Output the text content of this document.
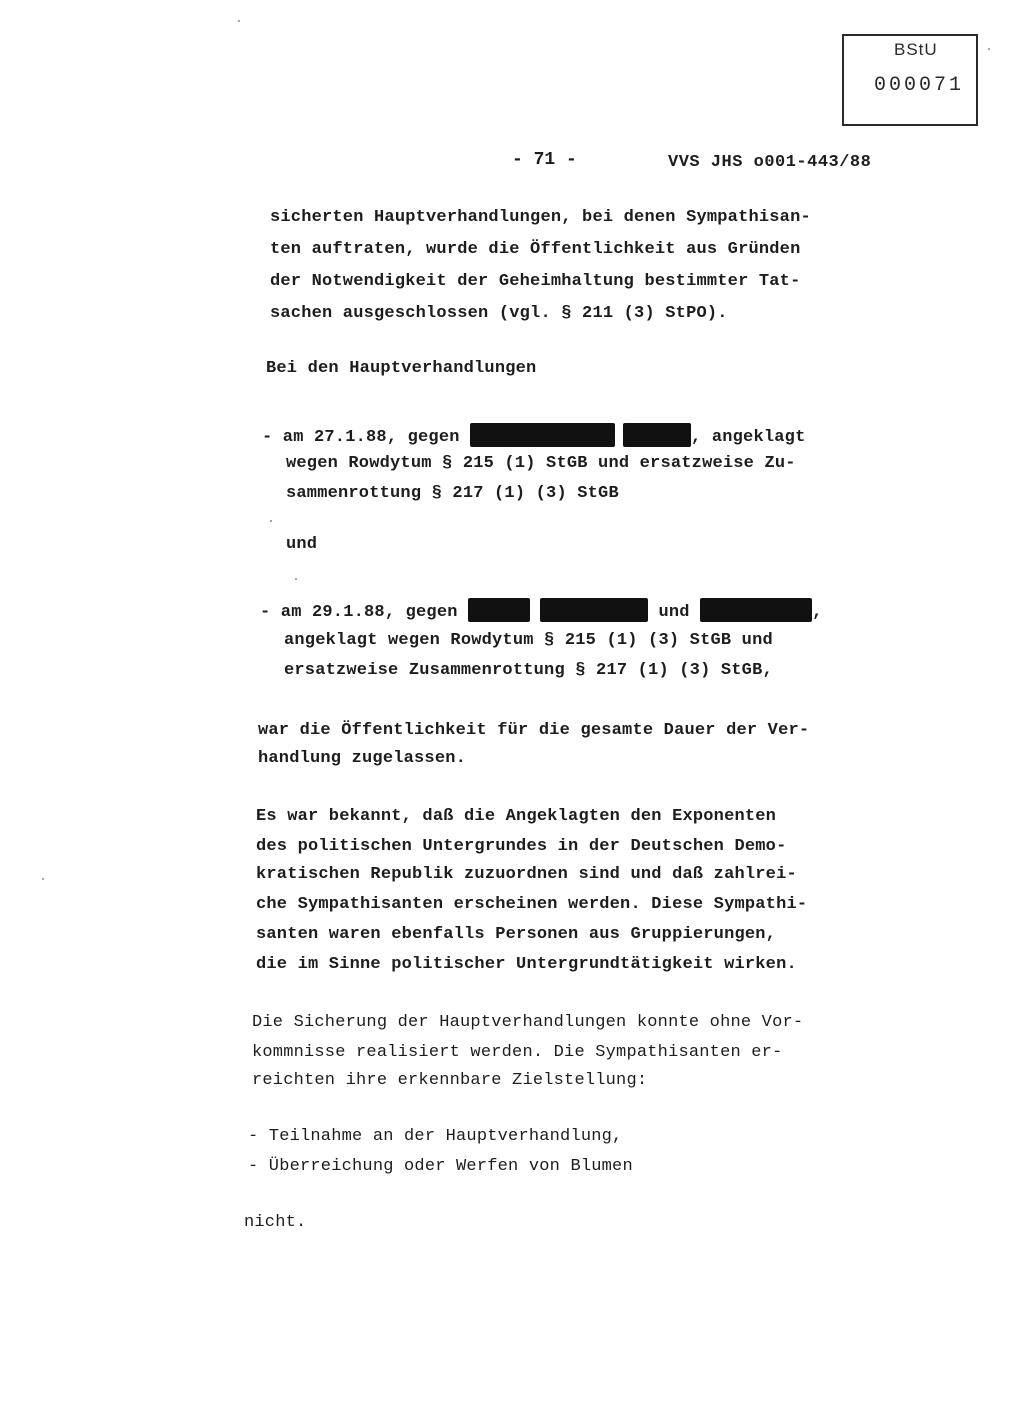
BStU
000071
- 71 -	VVS JHS o001-443/88
sicherten Hauptverhandlungen, bei denen Sympathisan-
ten auftraten, wurde die Öffentlichkeit aus Gründen
der Notwendigkeit der Geheimhaltung bestimmter Tat-
sachen ausgeschlossen (vgl. § 211 (3) StPO).
Bei den Hauptverhandlungen
- am 27.1.88, gegen	, angeklagt
wegen Rowdytum § 215 (1) StGB und ersatzweise Zu-
sammenrottung § 217 (1) (3) StGB
und
- am 29.1.88, gegen	und	,
angeklagt wegen Rowdytum § 215 (1) (3) StGB und
ersatzweise Zusammenrottung § 217 (1) (3) StGB,
war die Öffentlichkeit für die gesamte Dauer der Ver-
handlung zugelassen.
Es war bekannt, daß die Angeklagten den Exponenten
des politischen Untergrundes in der Deutschen Demo-
kratischen Republik zuzuordnen sind und daß zahlrei-
che Sympathisanten erscheinen werden. Diese Sympathi-
santen waren ebenfalls Personen aus Gruppierungen,
die im Sinne politischer Untergrundtätigkeit wirken.
Die Sicherung der Hauptverhandlungen konnte ohne Vor-
kommnisse realisiert werden. Die Sympathisanten er-
reichten ihre erkennbare Zielstellung:
- Teilnahme an der Hauptverhandlung,
- Überreichung oder Werfen von Blumen
nicht.
